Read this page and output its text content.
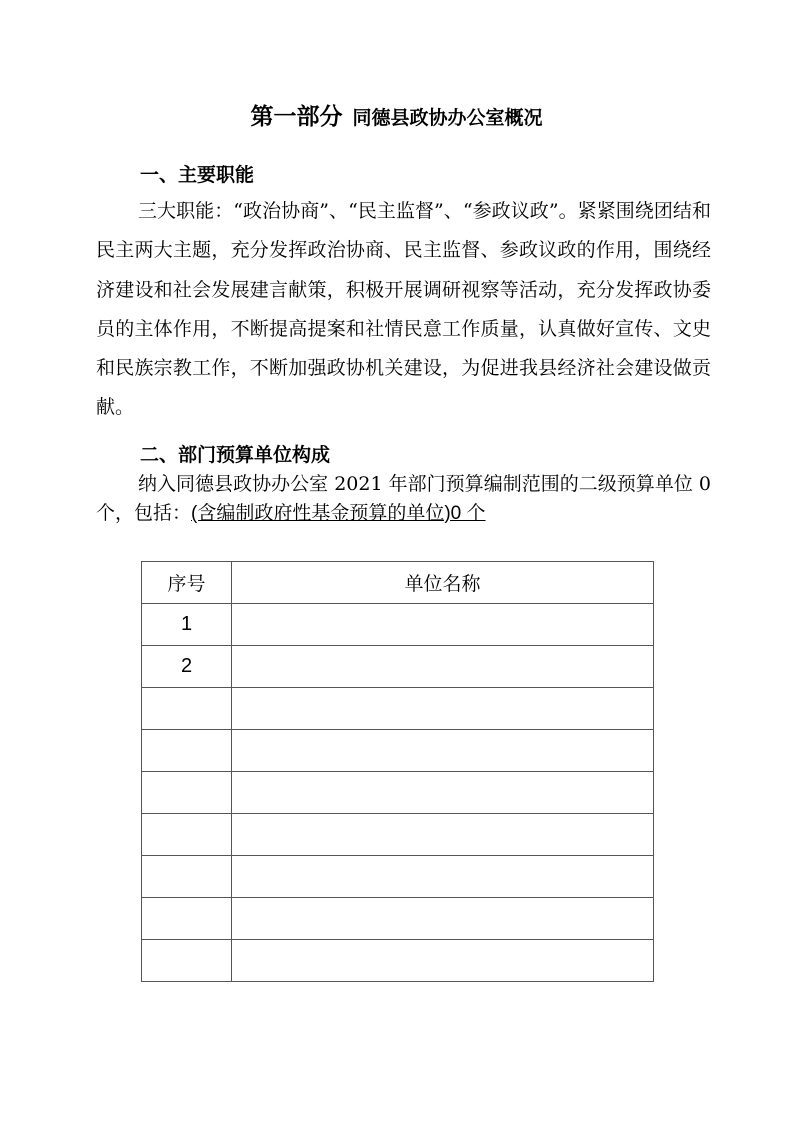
第一部分 同德县政协办公室概况
一、主要职能
三大职能：“政治协商”、“民主监督”、“参政议政”。紧紧围绕团结和民主两大主题，充分发挥政治协商、民主监督、参政议政的作用，围绕经济建设和社会发展建言献策，积极开展调研视察等活动，充分发挥政协委员的主体作用，不断提高提案和社情民意工作质量，认真做好宣传、文史和民族宗教工作，不断加强政协机关建设，为促进我县经济社会建设做贡献。
二、部门预算单位构成
纳入同德县政协办公室 2021 年部门预算编制范围的二级预算单位 0 个，包括：(含编制政府性基金预算的单位)0 个
序号	单位名称
1	
2	
